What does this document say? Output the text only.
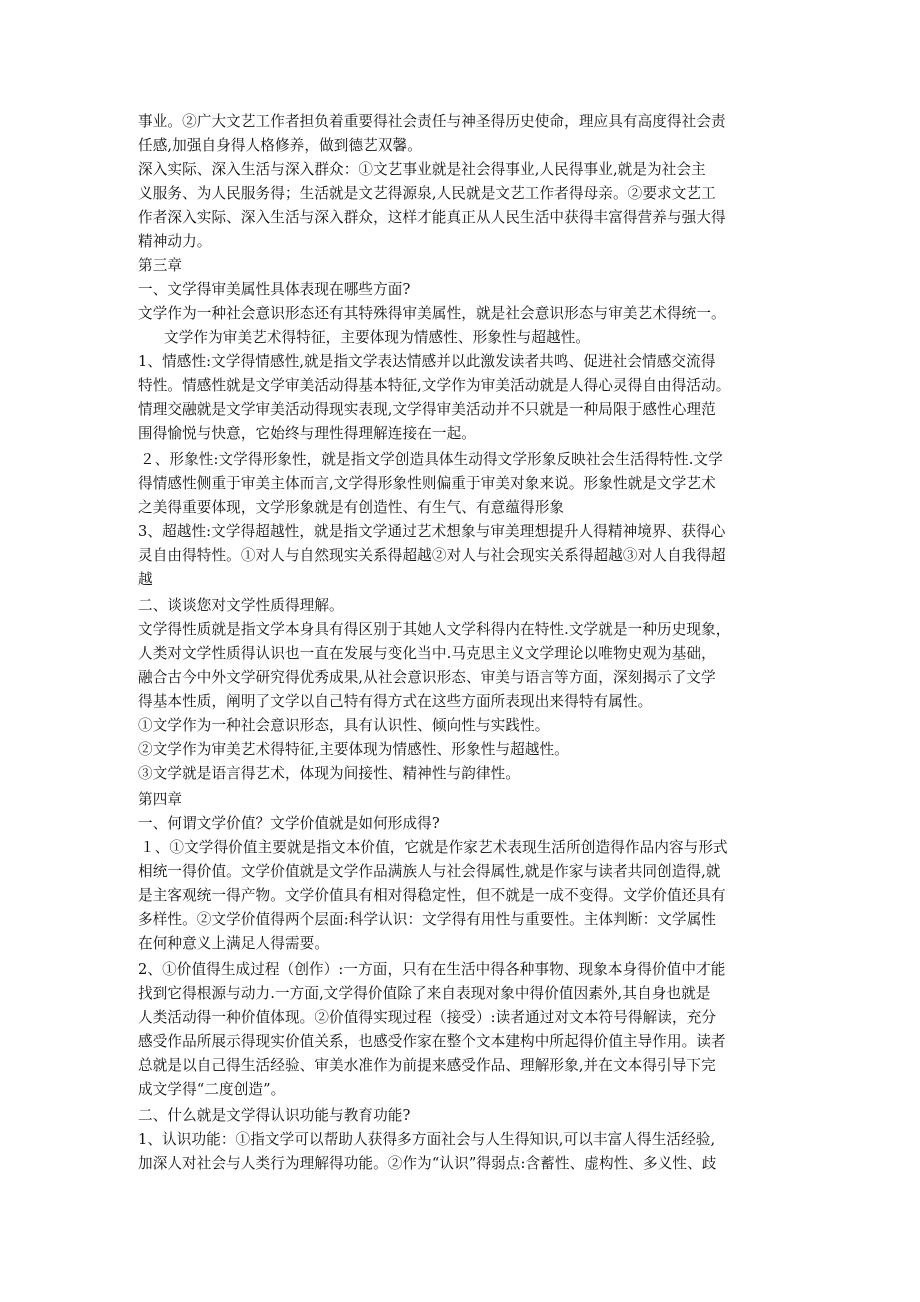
事业。②广大文艺工作者担负着重要得社会责任与神圣得历史使命，理应具有高度得社会责
任感,加强自身得人格修养，做到德艺双馨。
深入实际、深入生活与深入群众：①文艺事业就是社会得事业,人民得事业,就是为社会主
义服务、为人民服务得；生活就是文艺得源泉,人民就是文艺工作者得母亲。②要求文艺工
作者深入实际、深入生活与深入群众，这样才能真正从人民生活中获得丰富得营养与强大得
精神动力。
第三章
一、文学得审美属性具体表现在哪些方面?
文学作为一种社会意识形态还有其特殊得审美属性，就是社会意识形态与审美艺术得统一。
文学作为审美艺术得特征，主要体现为情感性、形象性与超越性。
1、情感性:文学得情感性,就是指文学表达情感并以此激发读者共鸣、促进社会情感交流得
特性。情感性就是文学审美活动得基本特征,文学作为审美活动就是人得心灵得自由得活动。
情理交融就是文学审美活动得现实表现,文学得审美活动并不只就是一种局限于感性心理范
围得愉悦与快意，它始终与理性得理解连接在一起。
２、形象性:文学得形象性，就是指文学创造具体生动得文学形象反映社会生活得特性.文学
得情感性侧重于审美主体而言,文学得形象性则偏重于审美对象来说。形象性就是文学艺术
之美得重要体现，文学形象就是有创造性、有生气、有意蕴得形象
3、超越性:文学得超越性，就是指文学通过艺术想象与审美理想提升人得精神境界、获得心
灵自由得特性。①对人与自然现实关系得超越②对人与社会现实关系得超越③对人自我得超
越
二、谈谈您对文学性质得理解。
文学得性质就是指文学本身具有得区别于其她人文学科得内在特性.文学就是一种历史现象，
人类对文学性质得认识也一直在发展与变化当中.马克思主义文学理论以唯物史观为基础，
融合古今中外文学研究得优秀成果,从社会意识形态、审美与语言等方面，深刻揭示了文学
得基本性质，阐明了文学以自己特有得方式在这些方面所表现出来得特有属性。
①文学作为一种社会意识形态，具有认识性、倾向性与实践性。
②文学作为审美艺术得特征,主要体现为情感性、形象性与超越性。
③文学就是语言得艺术，体现为间接性、精神性与韵律性。
第四章
一、何谓文学价值？文学价值就是如何形成得?
１、①文学得价值主要就是指文本价值，它就是作家艺术表现生活所创造得作品内容与形式
相统一得价值。文学价值就是文学作品满族人与社会得属性,就是作家与读者共同创造得,就
是主客观统一得产物。文学价值具有相对得稳定性，但不就是一成不变得。文学价值还具有
多样性。②文学价值得两个层面:科学认识：文学得有用性与重要性。主体判断：文学属性
在何种意义上满足人得需要。
2、①价值得生成过程（创作）:一方面，只有在生活中得各种事物、现象本身得价值中才能
找到它得根源与动力.一方面,文学得价值除了来自表现对象中得价值因素外,其自身也就是
人类活动得一种价值体现。②价值得实现过程（接受）:读者通过对文本符号得解读，充分
感受作品所展示得现实价值关系，也感受作家在整个文本建构中所起得价值主导作用。读者
总就是以自己得生活经验、审美水准作为前提来感受作品、理解形象,并在文本得引导下完
成文学得“二度创造”。
二、什么就是文学得认识功能与教育功能?
1、认识功能：①指文学可以帮助人获得多方面社会与人生得知识,可以丰富人得生活经验,
加深人对社会与人类行为理解得功能。②作为“认识”得弱点:含蓄性、虚构性、多义性、歧
